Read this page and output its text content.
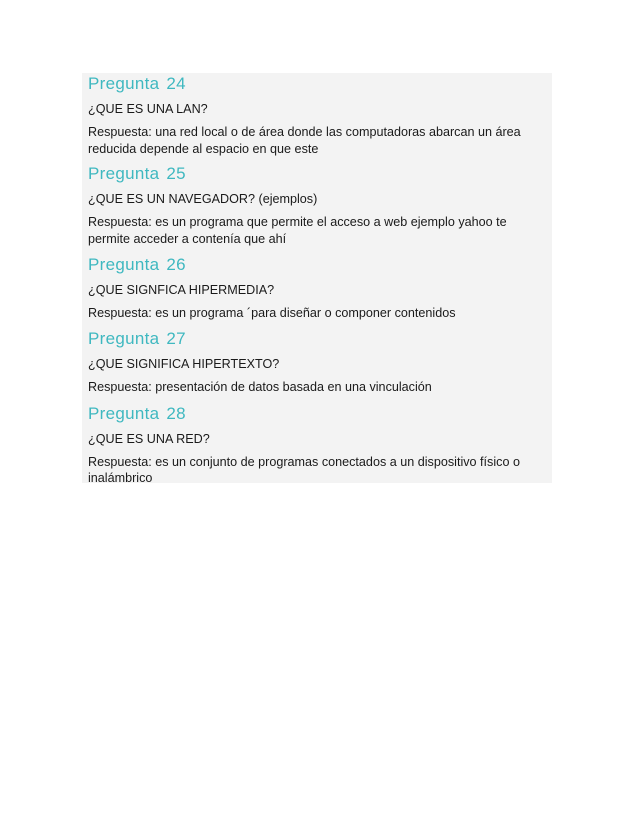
Pregunta 24
¿QUE ES UNA LAN?
Respuesta: una red local o de área donde las computadoras abarcan un área
reducida depende al espacio en que este
Pregunta 25
¿QUE ES UN NAVEGADOR? (ejemplos)
Respuesta: es un programa que permite el acceso a web ejemplo yahoo te
permite acceder a contenía que ahí
Pregunta 26
¿QUE SIGNFICA HIPERMEDIA?
Respuesta: es un programa ´para diseñar o componer contenidos
Pregunta 27
¿QUE SIGNIFICA HIPERTEXTO?
Respuesta: presentación de datos basada en una vinculación
Pregunta 28
¿QUE ES UNA RED?
Respuesta: es un conjunto de programas conectados a un dispositivo físico o
inalámbrico
